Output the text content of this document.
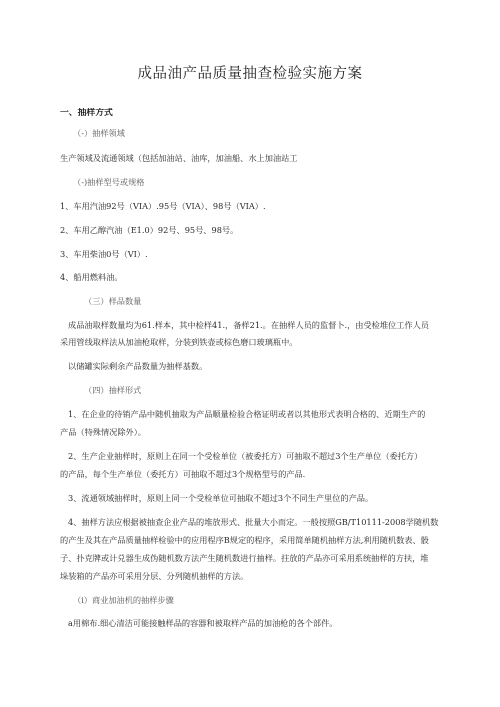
成品油产品质量抽查检验实施方案
一、抽样方式
（-）抽样领域
生产领域及流通领域（包括加油站、油库，加油船、水上加油站工
（-)抽样型号或规格
1、车用汽油92号（VIA）.95号（VIA）、98号（VIA）.
2、车用乙醇汽油（E1.0）92号、95号、98号。
3、车用柴油0号（VI）.
4、船用燃料油。
（三）样品数量
成品油取样数量均为61.样本，其中检样41.，备样21.。在抽样人员的监督卜.，由受检堆位工作人员
采用管线取样法从加油枪取样，分装到铁壶或棕色磨口玻璃瓶中。
以储罐实际剩余产品数量为抽样基数。
（四）抽样形式
1、在企业的待销产品中随机抽取为产品顺量检验合格证明或者以其他形式表明合格的、近期生产的
产品（特殊情况除外）。
2、生产企业抽样时，原则上在同一个受检单位（被委托方）可抽取不超过3个生产单位（委托方）
的产品，每个生产单位（委托方）可抽取不超过3个规格型号的产品.
3、流通领域抽样时，原则上同一个受检单位可抽取不超过3个不同生产里位的产品。
4、抽样方法应根据被抽查企业产品的堆放形式、批量大小而定。一般按照GB/T10111-2008学随机数
的产生及其在产品质量抽样检验中的应用程序B规定的程序，采用简单随机抽样方法,利用随机数表、骰
子、扑克牌或计兑器生成伪随机数方法产生随机数进行抽样。拄放的产品亦可采用系统抽样的方扶，堆
垛装箱的产品亦可采用分层、分列随机抽样的方法。
（i）商业加油机的抽样步骤
a用棉布.细心清洁可能接触样品的容器和被取样产品的加油枪的各个部件。
